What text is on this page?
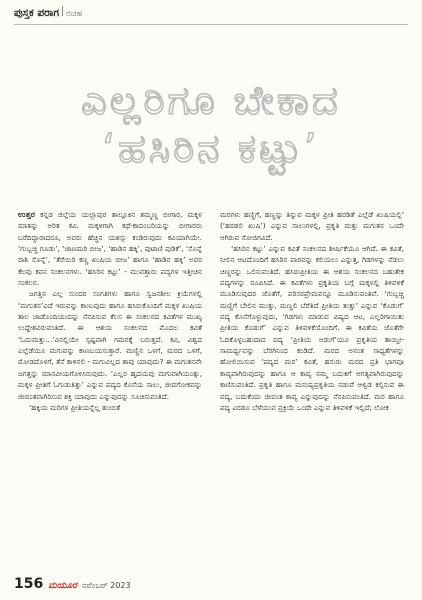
ಪುಸ್ತಕ ಪರಾಗ ರಚಹ
ಎಲ್ಲರಿಗೂ ಬೇಕಾದ
‘ಹಸಿರಿನ ಕಟ್ಟು’

ಉತ್ತರ ಕನ್ನಡ ಜಿಲ್ಲೆಯ ಯಲ್ಲಾಪುರ ತಾಲ್ಲೂಕಿನ ತಮ್ಮಣ್ಣ ಬೀಗಾರ, ಮಕ್ಕಳ ಮಾತನ್ನು ಅರಿತ ಕವಿ. ಮಕ್ಕಳಿಗಾಗಿ ಕಥೆ-ಕಾದಂಬರಿಯನ್ನು ಬೀಗಾರರು ಬರೆದಿದ್ದಾರಾದರೂ, ಅವರು ಹೆಚ್ಚಿನ ಯಶಸ್ಸು ಕಂಡಿರುವುದು ಕವಿಯಾಗಿಯೇ. ‘ಗುಬ್ಬಚ್ಚಿ ಗೂಡು’, ‘ಜಾಣಮರಿ ಬೀಜ’, ‘ಹಾಡಿನ ಹಕ್ಕಿ’, ಪುಟಾಣಿ ಪುಡಿಕೆ’, ‘ಸೊನ್ನೆ ರಾಶಿ ಸೊನ್ನೆ’, ‘ತೆರೆಯಿರಿ ಕಣ್ಣ ಖುಷಿಯ ಬೀಜ’ ಹಾಗೂ ‘ಹಾಡಿನ ಹಕ್ಕಿ’ ಅವರ ಕೆಲವು ಕವನ ಸಂಕಲನಗಳು. ‘ಹಸಿರಿನ ಕಟ್ಟು’ - ಮುವತ್ತಾರು ಪದ್ಯಗಳ ಇತ್ತೀಚಿನ ಸಂಕಲನ.

ಜಗತ್ತಿನ ಎಲ್ಲ ಸುಂದರ ಸಂಗತಿಗಳು ಹಾಗೂ ಸ್ವಜನಶೀಲ ಕ್ರಿಯೆಗಳಲ್ಲಿ ‘ಮಗುತನ’ವಿದೆ ಇರುವನ್ನು ಕಾಣುವುದು ಹಾಗೂ ಹಸಿರುಕೊಂದಿಗೆ ಮಕ್ಕಳ ಖುಷಿಯ ತಾಲ ಜಾಡೊಂದಿಯುದನ್ನು ನೆನಪಿಸುವ ಕೆಲಸ ಈ ಸಂಕಲನದ ಕವಿತೆಗಳ ಮುಖ್ಯ ಉದ್ದೇಶವಿರುವಂತಿದೆ. ಈ ಆಶಯ ಸಂಕಲನದ ಮೊದಲ ಕವಿತೆ ‘ಓದುಮತ್ತು...’ವಿನಲ್ಲಿಯೇ ಸ್ಪಷ್ಟವಾಗಿ ಗಮನಕ್ಕೆ ಬರುತ್ತದೆ. ಕವಿ, ವಿಶ್ವದ ಎಲ್ಲೆಡೆಯೂ ಮಗುವನ್ನು ಕಾಣಬಯಸುತ್ತಾರೆ. ಮಣ್ಣಿನ ಒಳಗೆ, ಮರದ ಒಳಗೆ, ಮೋಡದೊಳಗೆ, ತೆನೆ ಕಾಳಿನಲಿ - ಮಗುವಿಲ್ಲದ ತಾವು ಯಾವುದು? ಈ ಮಗುತನವೇ ಜಗತ್ತನ್ನು ಮಾನವೀಯಗೊಳಿಸಿರುವುದು. ‘ಎಲ್ಲರ ಹೃದಯವು ಮಗುವಾಗಿಯಂತ್ಸು, ಮಕ್ಕಳ ಪ್ರೀತಿಗೆ ಓಗುಡುತಿತ್ತು’ ಎನ್ನುವ ಪದ್ಯದ ಕೊನೆಯ ಸಾಲು, ಜೀವಗೋಕವನ್ನು ಜೀವಂತವಾಗಿರಿಸುವ ಶಕ್ತಿ ಯಾವುದು ಎನ್ನುವುದನ್ನು ಸೂಚಿಸುವಂತಿದೆ.

‘ಹಕ್ಕಿಯ ಮರಿಗಳ ಪ್ರೀತಿಯನ್ನೆಲ್ಲ ತುಂಬಿತೆ

ಮರಗಳು ಹಣ್ಣಿಗೆ, ಹಣ್ಣನ್ನು ತಿನ್ನುವ ಮಕ್ಕಳ ಪ್ರೀತಿ ಹರಡಿತೆ ಎಲ್ಲೆಡೆ ಖುಷಿಯಲ್ಲಿ’ (‘ಹರಡಲಿ ಖುಷಿ’) ಎನ್ನುವ ಸಾಲುಗಳಲ್ಲಿ, ಪ್ರಕೃತಿ ಮತ್ತು ಮಗುತನ ಒಂದೇ ಆಗಿರುವ ಸೋಜಿಗವಿದೆ.

‘ಹಸಿರಿನ ಕಟ್ಟು’ ಎನ್ನುವ ಕವಿತೆ ಸಂಕಲನದ ಶೀರ್ಷಿಕೆಯೂ ಆಗಿದೆ. ಈ ಕವಿತೆ, ನೀಲಿನ ಆಟದೊಂದಿಗೆ ಹಸಿರಿನ ಪಾಠವನ್ನು ಕಲಿಯಲು ಎನ್ನುತ್ತ, ಗಿಡಗಳನ್ನು ನೆಡಲು ಚಿಣ್ಣರನ್ನು ಒಲಿಸುವಂತಿದೆ. ಹಸಿರುಪ್ರೀತಿಯ ಈ ಆಶಯ ಸಂಕಲನದ ಬಹುತೇಕ ಪದ್ಯಗಳನ್ನು ರೂಪಿಸಿದೆ. ಈ ಕವಿತೆಗಳು ಪ್ರಕೃತಿಯ ಬಗ್ಗೆ ಮಕ್ಕಳಲ್ಲಿ ತಿಳಿವಳಿಕೆ ಮೂಡಿಸುವುದರ ಜೊತೆಗೆ, ಪರಿಸರಪ್ರೇಮವನ್ನೂ ಮೂಡಿಸುವಂತಿವೆ. ‘ಗುಬ್ಬಚ್ಚಿ ಮಣ್ಣಿಗೆ ಬೇಲಿನ ಮುತ್ತು, ಮಣ್ಣಲಿ ಬೆರೆತಿದೆ ಪ್ರೀತಿಯ ತುತ್ತು’ ಎನ್ನುವ ‘ಕೊಡುಗೆ’ ಪದ್ಯ ಕೊನೆಗೊಳ್ಳುವುದು, ‘ಗಿಡಗಳು ಮಾಡುವ ವಿಷ್ಯದ ಆಟ, ಎಲ್ಲರಿಗಾಯಿತು ಪ್ರೀತಿಯ ಕೊಡುಗೆ’ ಎನ್ನುವ ತಿಳಿವಳಿಕೆಯೊಂದಿಗೆ. ಈ ಕವಿತೆಯ ಜೊತೆಗೇ ಓದಿಕೊಳ್ಳಬಹುದಾದ ಪದ್ಯ ‘ಪ್ರೀತಿಯ ಅಡುಗೆ’ಯೂ ಪ್ರಕೃತಿಯ ತಾಯ್ತೀ-ಸಾಮರ್ಥ್ಯವನ್ನು ಬೆರಗಿನಿಂದ ಕಂಡಿದೆ. ಮರದ ಅನಂತ ಸಾಧ್ಯತೆಗಳನ್ನು ಹೋಲಿಯಿಸುವ ‘ಪದ್ಯದ ಮರ’ ಕವಿತೆ, ಹಸುರು ಮರದ ಪ್ರತಿ ಭಾಗವೂ ಕಾವ್ಯವಾಗಿರುವುದನ್ನು ಹಾಗೂ ಆ ಕಾವ್ಯ ನಮ್ಮ ಬದುಕಿಗೆ ಅಗತ್ಯವಾಗಿರುವುದನ್ನು ಕಾಣಿಸುವಂತಿದೆ. ಪ್ರಕೃತಿ ಹಾಗೂ ಮನುಷ್ಯಪ್ರಕೃತಿಯ ನಡುವೆ ಆಳ್ವಿಡ ಕಲ್ಪಿಸುವ ಈ ಪದ್ಯ, ಬದುಕೆಂದು ಜೀವಂತ ಕಾವ್ಯ ಎನ್ನುವುದನ್ನು ನೆನಪಿಸುವಂತಿದೆ. ಮರ ಹಾಗೂ ಪದ್ಯ ಎರಡೂ ಬೆಳೆಯುವ ಪ್ರಕ್ರಿಯೆ ಒಂದೇ ಎನ್ನುವ ತಿಳಿವಳಿಕೆ ಇಲ್ಲಿದೆ; ಲೋಕ

156 ಮಯೂರ ನವೆಂಬರ್ 2023
